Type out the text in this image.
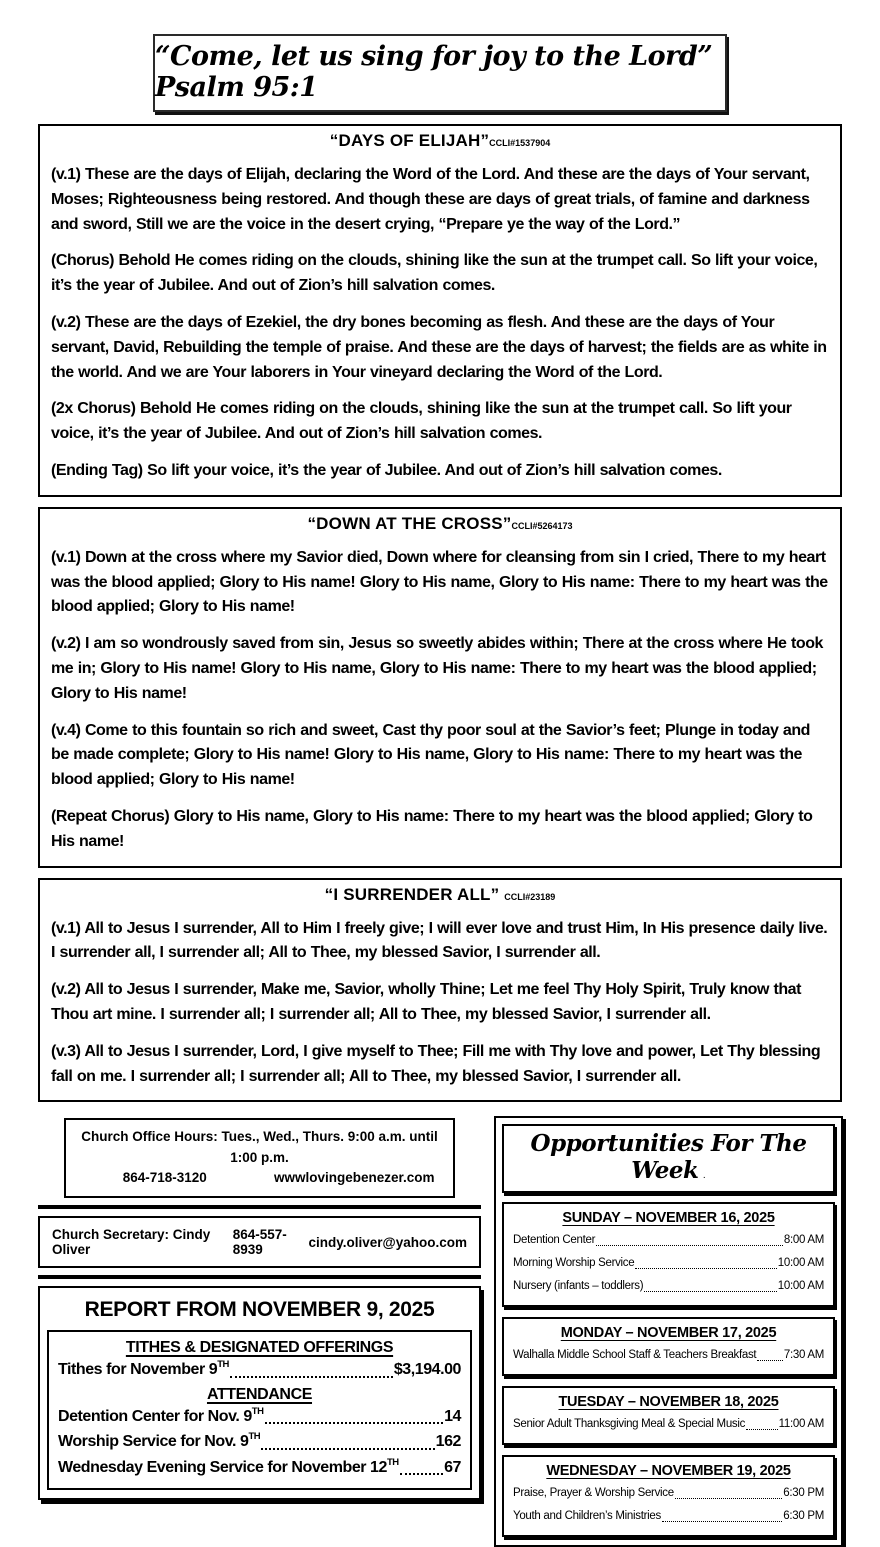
“Come, let us sing for joy to the Lord” Psalm 95:1
“DAYS OF ELIJAH”CCLI#1537904

(v.1) These are the days of Elijah, declaring the Word of the Lord. And these are the days of Your servant, Moses; Righteousness being restored. And though these are days of great trials, of famine and darkness and sword, Still we are the voice in the desert crying, “Prepare ye the way of the Lord.”

(Chorus) Behold He comes riding on the clouds, shining like the sun at the trumpet call. So lift your voice, it’s the year of Jubilee. And out of Zion’s hill salvation comes.

(v.2) These are the days of Ezekiel, the dry bones becoming as flesh. And these are the days of Your servant, David, Rebuilding the temple of praise. And these are the days of harvest; the fields are as white in the world. And we are Your laborers in Your vineyard declaring the Word of the Lord.

(2x Chorus) Behold He comes riding on the clouds, shining like the sun at the trumpet call. So lift your voice, it’s the year of Jubilee. And out of Zion’s hill salvation comes.

(Ending Tag) So lift your voice, it’s the year of Jubilee. And out of Zion’s hill salvation comes.

“DOWN AT THE CROSS”CCLI#5264173

(v.1) Down at the cross where my Savior died, Down where for cleansing from sin I cried, There to my heart was the blood applied; Glory to His name! Glory to His name, Glory to His name: There to my heart was the blood applied; Glory to His name!

(v.2) I am so wondrously saved from sin, Jesus so sweetly abides within; There at the cross where He took me in; Glory to His name! Glory to His name, Glory to His name: There to my heart was the blood applied; Glory to His name!

(v.4) Come to this fountain so rich and sweet, Cast thy poor soul at the Savior’s feet; Plunge in today and be made complete; Glory to His name! Glory to His name, Glory to His name: There to my heart was the blood applied; Glory to His name!

(Repeat Chorus) Glory to His name, Glory to His name: There to my heart was the blood applied; Glory to His name!

“I SURRENDER ALL” CCLI#23189

(v.1) All to Jesus I surrender, All to Him I freely give; I will ever love and trust Him, In His presence daily live. I surrender all, I surrender all; All to Thee, my blessed Savior, I surrender all.

(v.2) All to Jesus I surrender, Make me, Savior, wholly Thine; Let me feel Thy Holy Spirit, Truly know that Thou art mine. I surrender all; I surrender all; All to Thee, my blessed Savior, I surrender all.

(v.3) All to Jesus I surrender, Lord, I give myself to Thee; Fill me with Thy love and power, Let Thy blessing fall on me. I surrender all; I surrender all; All to Thee, my blessed Savior, I surrender all.

Church Office Hours: Tues., Wed., Thurs. 9:00 a.m. until 1:00 p.m.
864-718-3120	wwwlovingebenezer.com
Church Secretary: Cindy Oliver
864-557-8939	cindy.oliver@yahoo.com
REPORT FROM NOVEMBER 9, 2025
TITHES & DESIGNATED OFFERINGS
Tithes for November 9 TH	$3,194.00
ATTENDANCE
Detention Center for Nov. 9 TH	14
Worship Service for Nov. 9 TH	162
Wednesday Evening Service for November 12 TH	67
Opportunities For The Week .
SUNDAY – NOVEMBER 16, 2025
Detention Center	8:00 AM
Morning Worship Service	10:00 AM
Nursery (infants – toddlers)	10:00 AM
MONDAY – NOVEMBER 17, 2025
Walhalla Middle School Staff & Teachers Breakfast 7:30 AM
TUESDAY – NOVEMBER 18, 2025
Senior Adult Thanksgiving Meal & Special Music	11:00 AM
WEDNESDAY – NOVEMBER 19, 2025
Praise, Prayer & Worship Service	6:30 PM
Youth and Children’s Ministries	6:30 PM
